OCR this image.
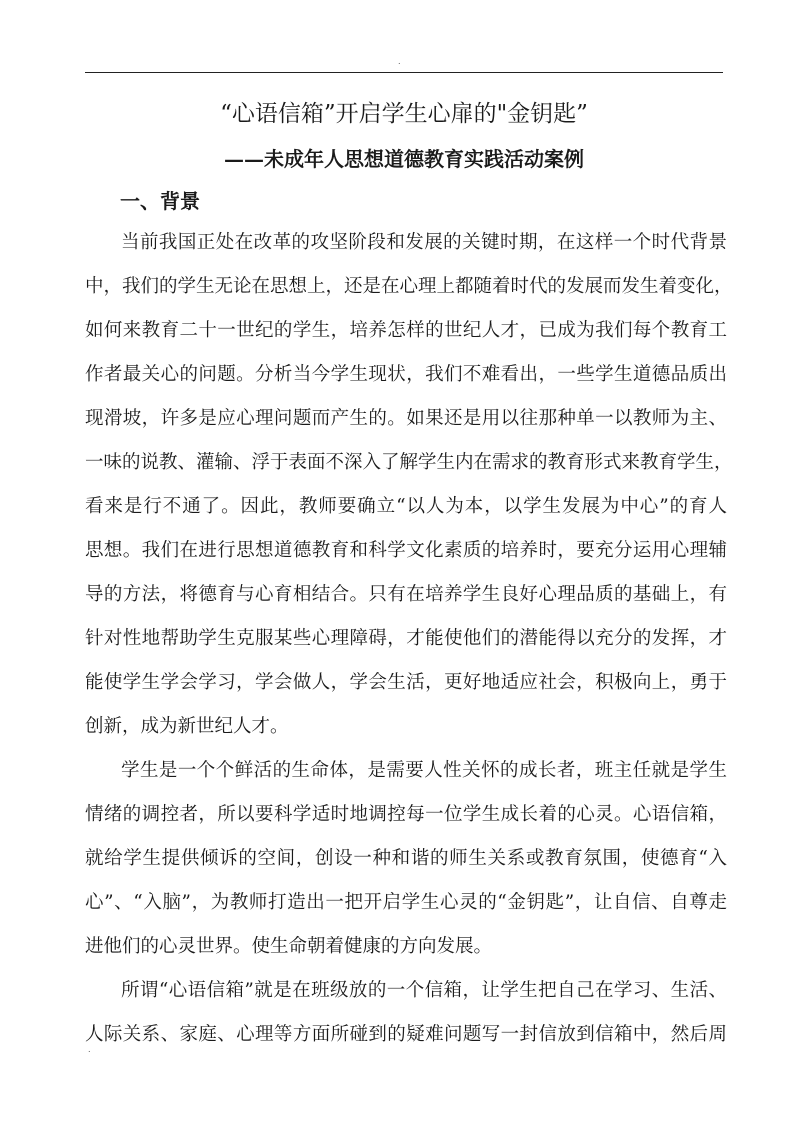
.
“心语信箱”开启学生心扉的"金钥匙”
——未成年人思想道德教育实践活动案例
一、背景
当前我国正处在改革的攻坚阶段和发展的关键时期，在这样一个时代背景
中，我们的学生无论在思想上，还是在心理上都随着时代的发展而发生着变化，
如何来教育二十一世纪的学生，培养怎样的世纪人才，已成为我们每个教育工
作者最关心的问题。分析当今学生现状，我们不难看出，一些学生道德品质出
现滑坡，许多是应心理问题而产生的。如果还是用以往那种单一以教师为主、
一味的说教、灌输、浮于表面不深入了解学生内在需求的教育形式来教育学生，
看来是行不通了。因此，教师要确立“以人为本，以学生发展为中心”的育人
思想。我们在进行思想道德教育和科学文化素质的培养时，要充分运用心理辅
导的方法，将德育与心育相结合。只有在培养学生良好心理品质的基础上，有
针对性地帮助学生克服某些心理障碍，才能使他们的潜能得以充分的发挥，才
能使学生学会学习，学会做人，学会生活，更好地适应社会，积极向上，勇于
创新，成为新世纪人才。
学生是一个个鲜活的生命体，是需要人性关怀的成长者，班主任就是学生
情绪的调控者，所以要科学适时地调控每一位学生成长着的心灵。心语信箱，
就给学生提供倾诉的空间，创设一种和谐的师生关系或教育氛围，使德育“入
心”、“入脑”，为教师打造出一把开启学生心灵的“金钥匙”，让自信、自尊走
进他们的心灵世界。使生命朝着健康的方向发展。
所谓“心语信箱”就是在班级放的一个信箱，让学生把自己在学习、生活、
人际关系、家庭、心理等方面所碰到的疑难问题写一封信放到信箱中，然后周
.
